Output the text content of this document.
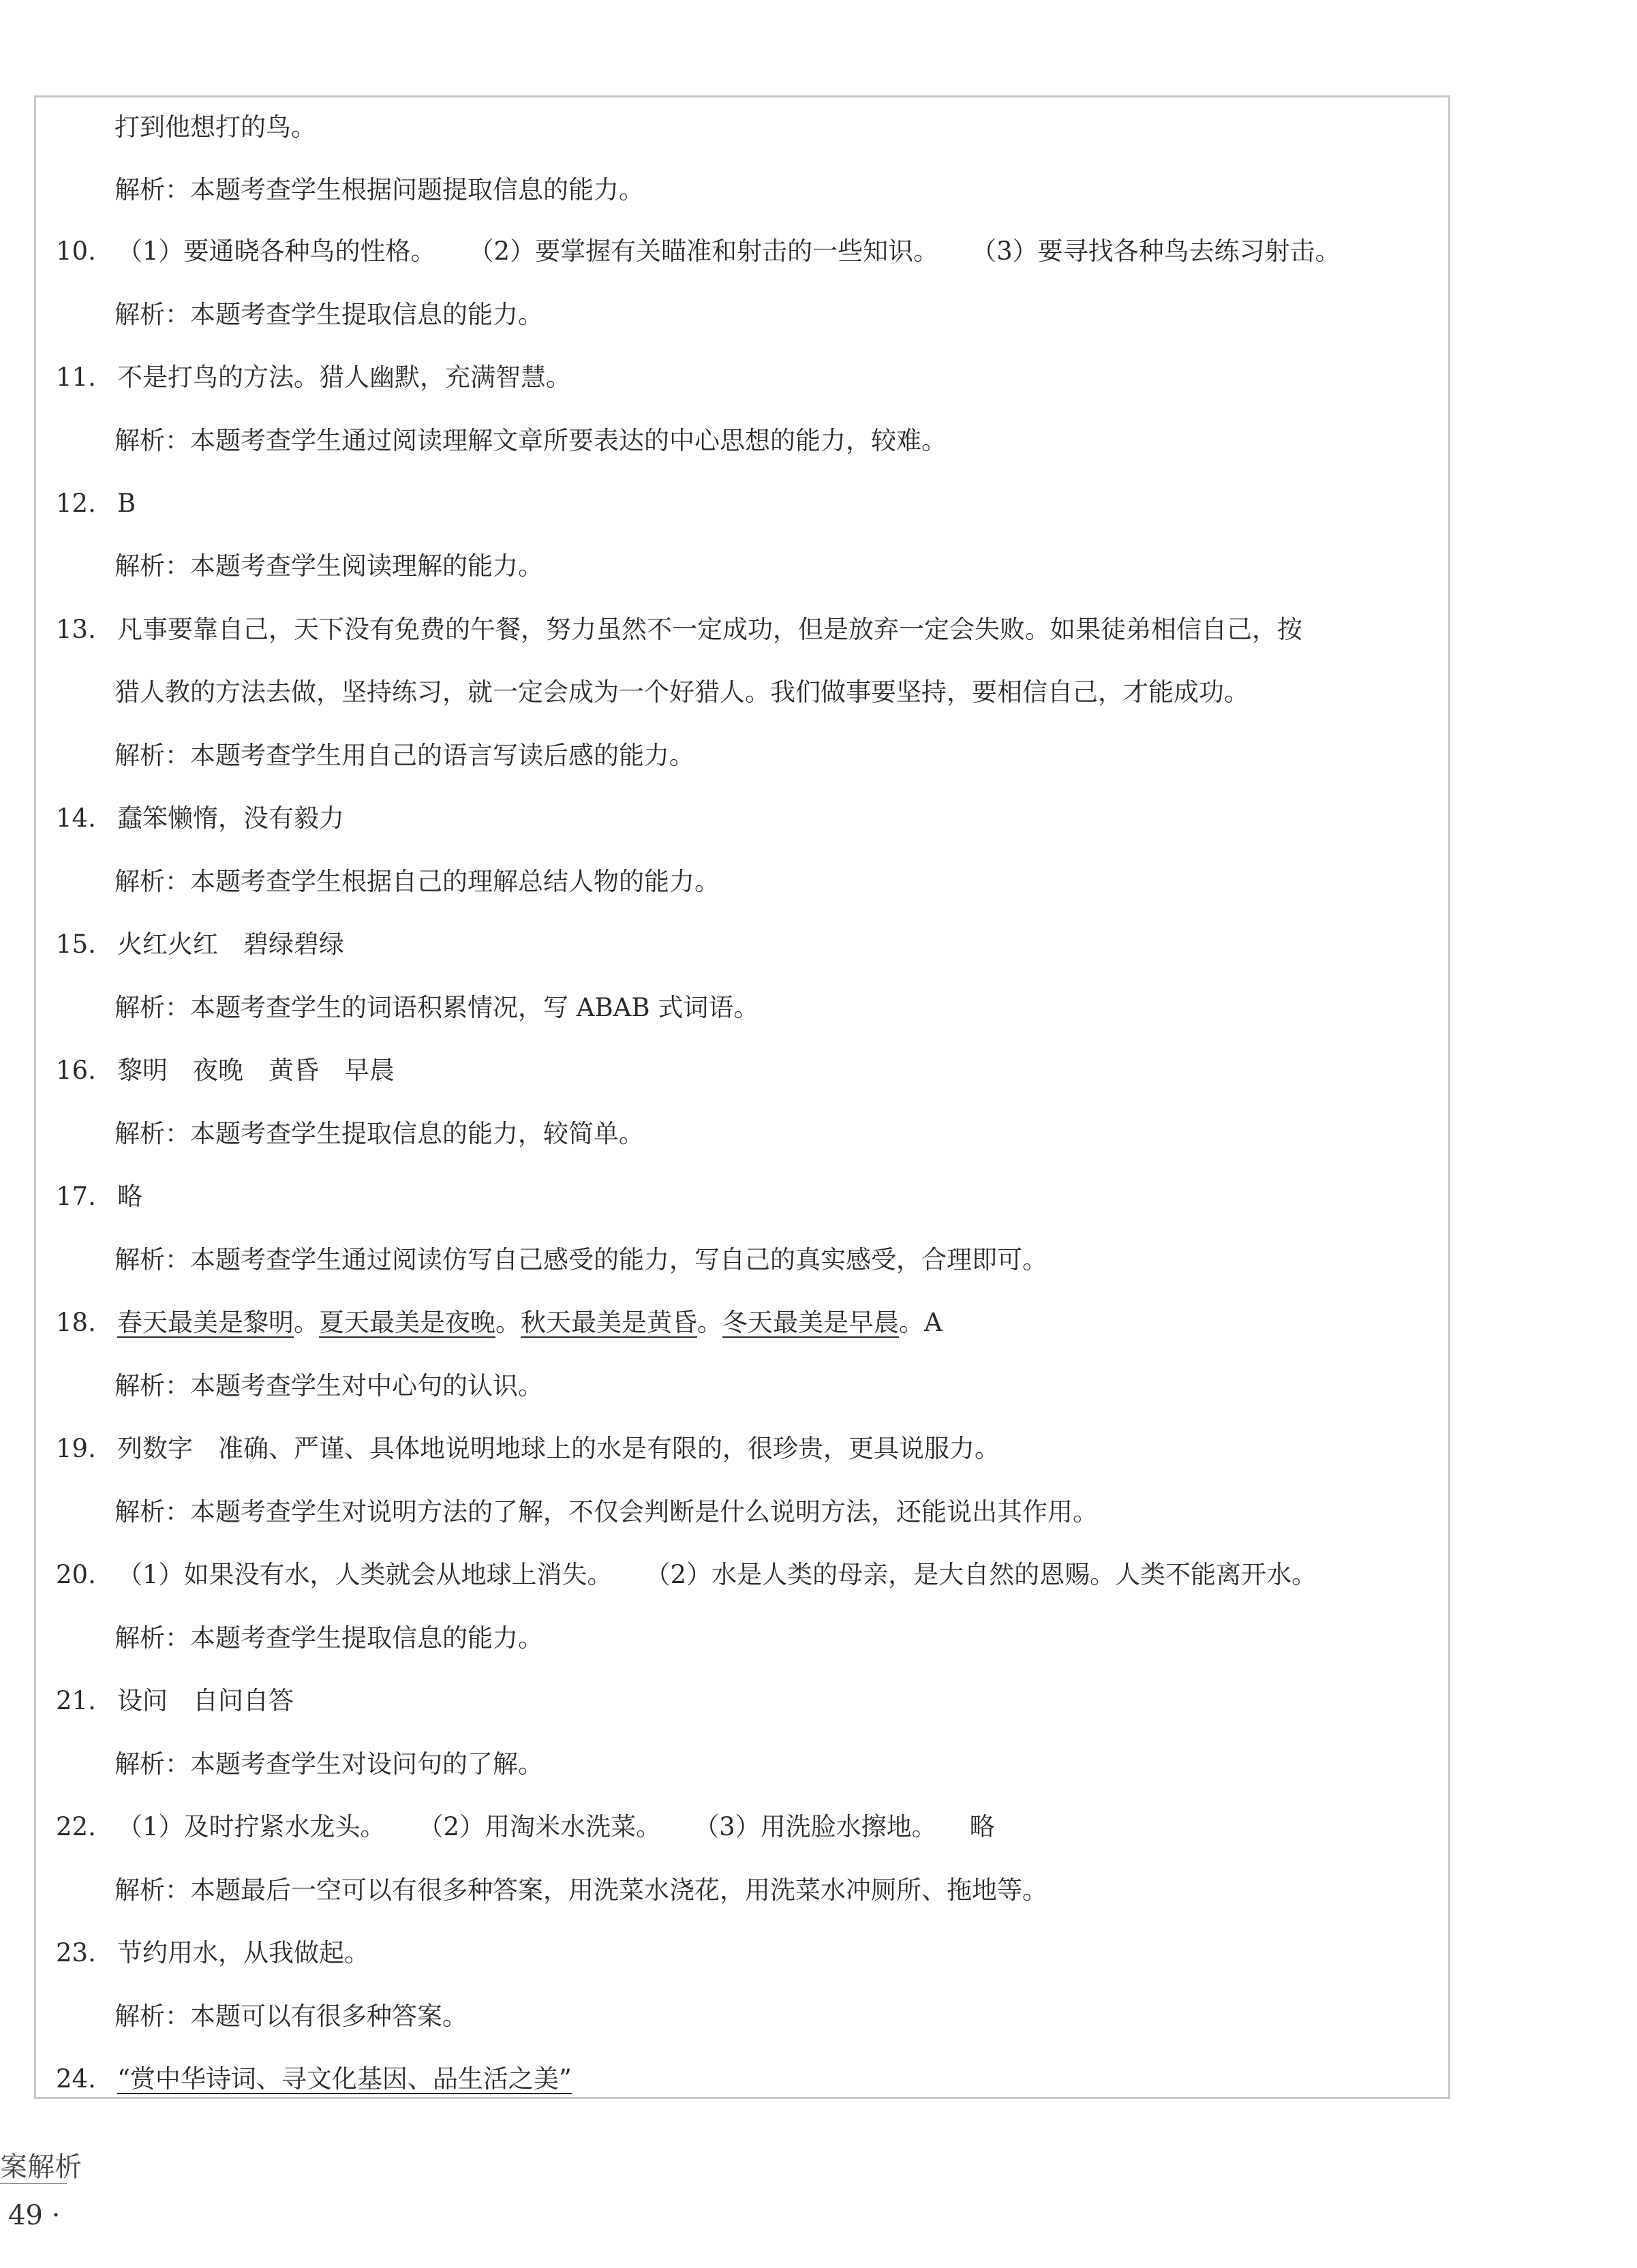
打到他想打的鸟。
解析：本题考查学生根据问题提取信息的能力。
10. （1）要通晓各种鸟的性格。 （2）要掌握有关瞄准和射击的一些知识。 （3）要寻找各种鸟去练习射击。
解析：本题考查学生提取信息的能力。
11. 不是打鸟的方法。猎人幽默，充满智慧。
解析：本题考查学生通过阅读理解文章所要表达的中心思想的能力，较难。
12. B
解析：本题考查学生阅读理解的能力。
13. 凡事要靠自己，天下没有免费的午餐，努力虽然不一定成功，但是放弃一定会失败。如果徒弟相信自己，按
猎人教的方法去做，坚持练习，就一定会成为一个好猎人。我们做事要坚持，要相信自己，才能成功。
解析：本题考查学生用自己的语言写读后感的能力。
14. 蠢笨懒惰，没有毅力
解析：本题考查学生根据自己的理解总结人物的能力。
15. 火红火红　碧绿碧绿
解析：本题考查学生的词语积累情况，写 ABAB 式词语。
16. 黎明　夜晚　黄昏　早晨
解析：本题考查学生提取信息的能力，较简单。
17. 略
解析：本题考查学生通过阅读仿写自己感受的能力，写自己的真实感受，合理即可。
18. 春天最美是黎明。夏天最美是夜晚。秋天最美是黄昏。冬天最美是早晨。A
解析：本题考查学生对中心句的认识。
19. 列数字　准确、严谨、具体地说明地球上的水是有限的，很珍贵，更具说服力。
解析：本题考查学生对说明方法的了解，不仅会判断是什么说明方法，还能说出其作用。
20. （1）如果没有水，人类就会从地球上消失。 （2）水是人类的母亲，是大自然的恩赐。人类不能离开水。
解析：本题考查学生提取信息的能力。
21. 设问　自问自答
解析：本题考查学生对设问句的了解。
22. （1）及时拧紧水龙头。 （2）用淘米水洗菜。 （3）用洗脸水擦地。 略
解析：本题最后一空可以有很多种答案，用洗菜水浇花，用洗菜水冲厕所、拖地等。
23. 节约用水，从我做起。
解析：本题可以有很多种答案。
24. “赏中华诗词、寻文化基因、品生活之美”
案解析
49 ·
